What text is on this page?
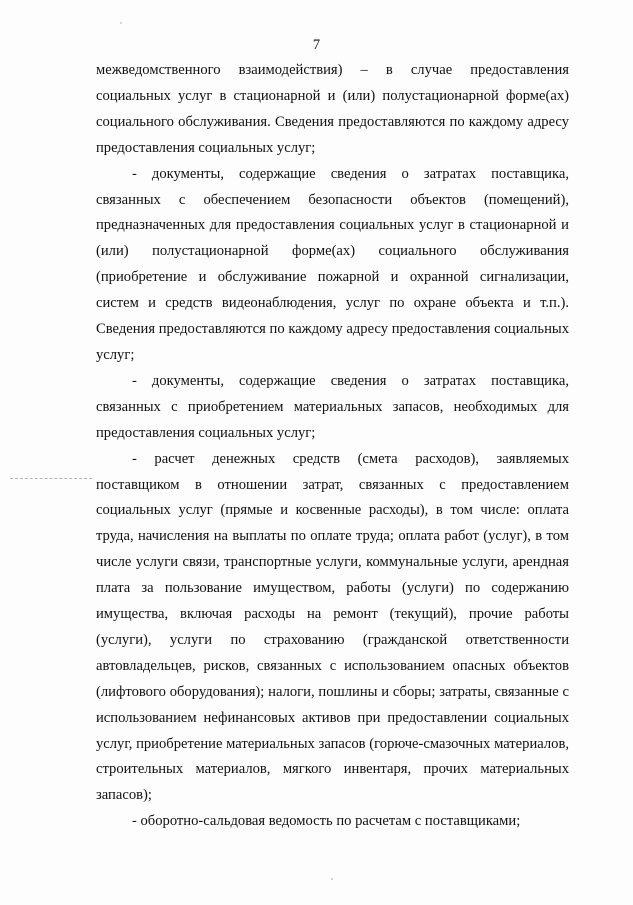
7

межведомственного взаимодействия) – в случае предоставления социальных услуг в стационарной и (или) полустационарной форме(ах) социального обслуживания. Сведения предоставляются по каждому адресу предоставления социальных услуг;

- документы, содержащие сведения о затратах поставщика, связанных с обеспечением безопасности объектов (помещений), предназначенных для предоставления социальных услуг в стационарной и (или) полустационарной форме(ах) социального обслуживания (приобретение и обслуживание пожарной и охранной сигнализации, систем и средств видеонаблюдения, услуг по охране объекта и т.п.). Сведения предоставляются по каждому адресу предоставления социальных услуг;

- документы, содержащие сведения о затратах поставщика, связанных с приобретением материальных запасов, необходимых для предоставления социальных услуг;

- расчет денежных средств (смета расходов), заявляемых поставщиком в отношении затрат, связанных с предоставлением социальных услуг (прямые и косвенные расходы), в том числе: оплата труда, начисления на выплаты по оплате труда; оплата работ (услуг), в том числе услуги связи, транспортные услуги, коммунальные услуги, арендная плата за пользование имуществом, работы (услуги) по содержанию имущества, включая расходы на ремонт (текущий), прочие работы (услуги), услуги по страхованию (гражданской ответственности автовладельцев, рисков, связанных с использованием опасных объектов (лифтового оборудования); налоги, пошлины и сборы; затраты, связанные с использованием нефинансовых активов при предоставлении социальных услуг, приобретение материальных запасов (горюче-смазочных материалов, строительных материалов, мягкого инвентаря, прочих материальных запасов);

- оборотно-сальдовая ведомость по расчетам с поставщиками;
